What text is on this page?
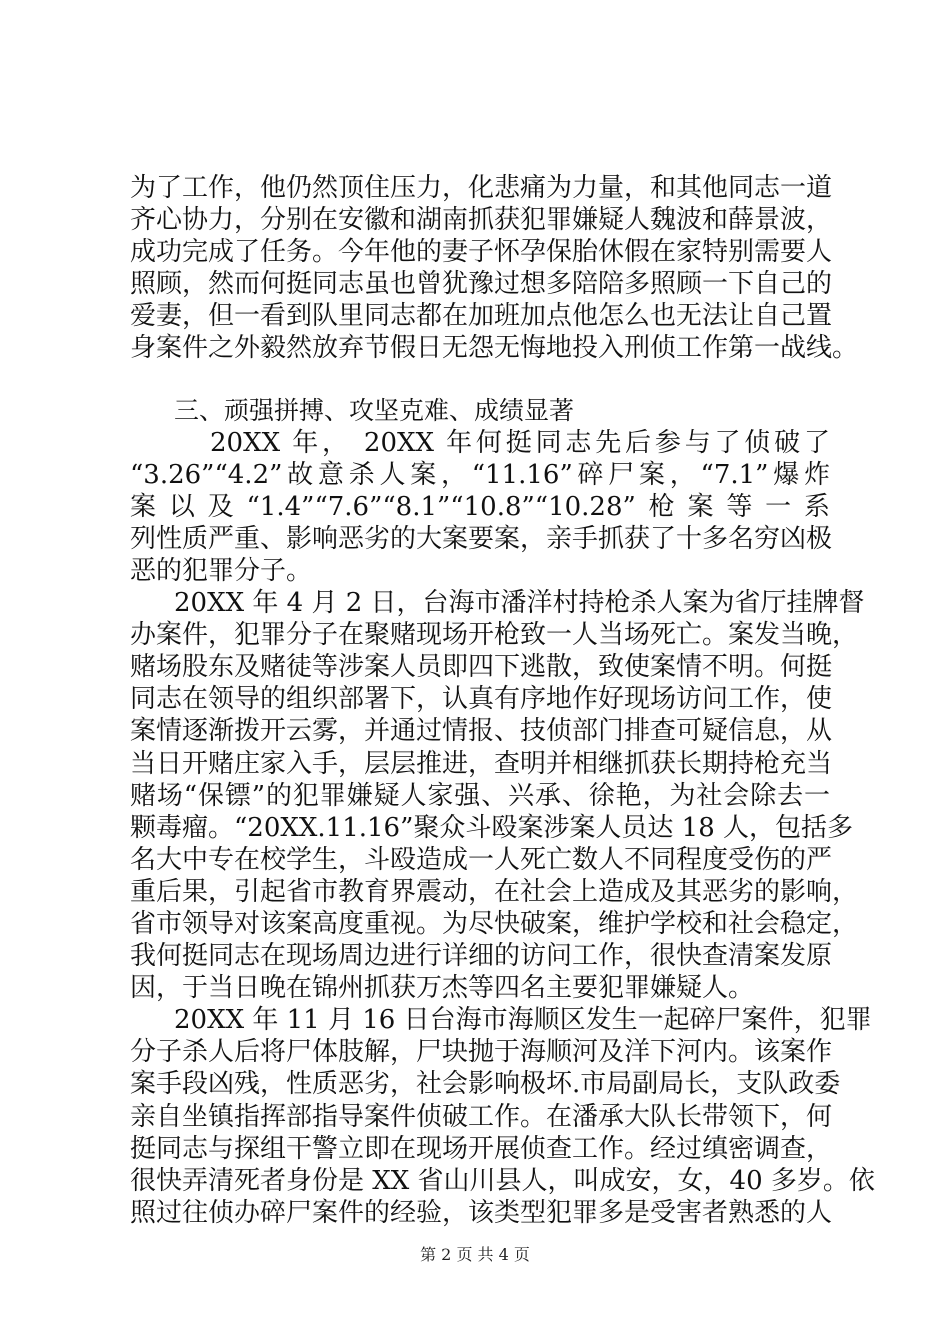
为了工作，他仍然顶住压力，化悲痛为力量，和其他同志一道
齐心协力，分别在安徽和湖南抓获犯罪嫌疑人魏波和薛景波，
成功完成了任务。今年他的妻子怀孕保胎休假在家特别需要人
照顾，然而何挺同志虽也曾犹豫过想多陪陪多照顾一下自己的
爱妻，但一看到队里同志都在加班加点他怎么也无法让自己置
身案件之外毅然放弃节假日无怨无悔地投入刑侦工作第一战线。
三、顽强拼搏、攻坚克难、成绩显著
20XX 年， 20XX 年何挺同志先后参与了侦破了
“3.26”“4.2”故意杀人案，“11.16”碎尸案，“7.1”爆炸
案以及“1.4”“7.6”“8.1”“10.8”“10.28”枪案等一系
列性质严重、影响恶劣的大案要案，亲手抓获了十多名穷凶极
恶的犯罪分子。
20XX 年 4 月 2 日，台海市潘洋村持枪杀人案为省厅挂牌督
办案件，犯罪分子在聚赌现场开枪致一人当场死亡。案发当晚，
赌场股东及赌徒等涉案人员即四下逃散，致使案情不明。何挺
同志在领导的组织部署下，认真有序地作好现场访问工作，使
案情逐渐拨开云雾，并通过情报、技侦部门排查可疑信息，从
当日开赌庄家入手，层层推进，查明并相继抓获长期持枪充当
赌场“保镖”的犯罪嫌疑人家强、兴承、徐艳，为社会除去一
颗毒瘤。“20XX.11.16”聚众斗殴案涉案人员达 18 人，包括多
名大中专在校学生，斗殴造成一人死亡数人不同程度受伤的严
重后果，引起省市教育界震动，在社会上造成及其恶劣的影响，
省市领导对该案高度重视。为尽快破案，维护学校和社会稳定，
我何挺同志在现场周边进行详细的访问工作，很快查清案发原
因，于当日晚在锦州抓获万杰等四名主要犯罪嫌疑人。
20XX 年 11 月 16 日台海市海顺区发生一起碎尸案件，犯罪
分子杀人后将尸体肢解，尸块抛于海顺河及洋下河内。该案作
案手段凶残，性质恶劣，社会影响极坏.市局副局长，支队政委
亲自坐镇指挥部指导案件侦破工作。在潘承大队长带领下，何
挺同志与探组干警立即在现场开展侦查工作。经过缜密调查，
很快弄清死者身份是 XX 省山川县人，叫成安，女，40 多岁。依
照过往侦办碎尸案件的经验，该类型犯罪多是受害者熟悉的人
第 2 页 共 4 页
